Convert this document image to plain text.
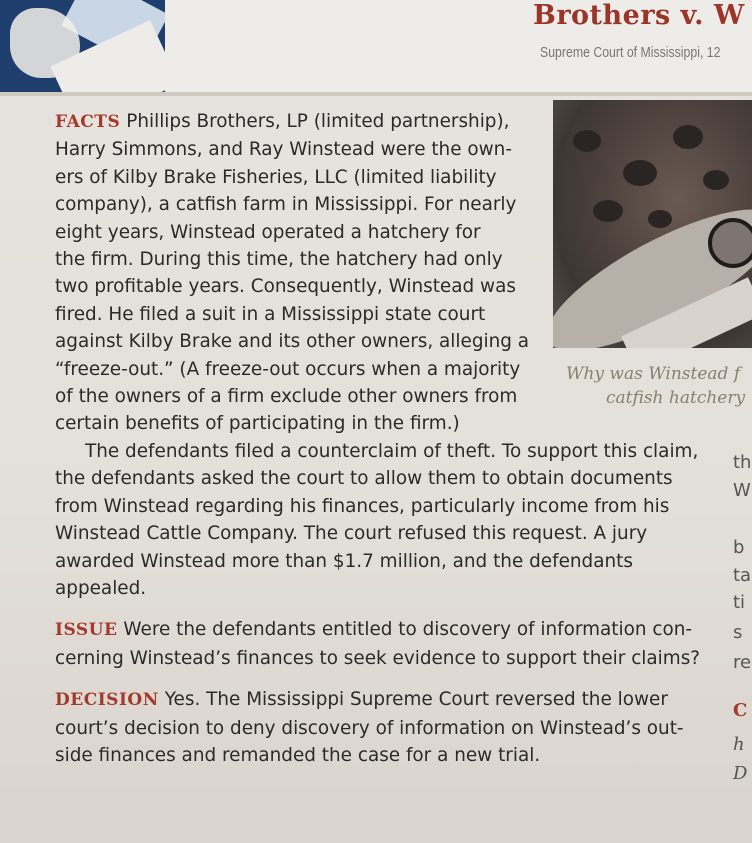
Brothers v. W
Supreme Court of Mississippi, 12
Why was Winstead f
catfish hatchery
FACTS Phillips Brothers, LP (limited partnership),
Harry Simmons, and Ray Winstead were the own-
ers of Kilby Brake Fisheries, LLC (limited liability
company), a catfish farm in Mississippi. For nearly
eight years, Winstead operated a hatchery for
the firm. During this time, the hatchery had only
two profitable years. Consequently, Winstead was
fired. He filed a suit in a Mississippi state court
against Kilby Brake and its other owners, alleging a
“freeze-out.” (A freeze-out occurs when a majority
of the owners of a firm exclude other owners from
certain benefits of participating in the firm.)
The defendants filed a counterclaim of theft. To support this claim,
the defendants asked the court to allow them to obtain documents
from Winstead regarding his finances, particularly income from his
Winstead Cattle Company. The court refused this request. A jury
awarded Winstead more than $1.7 million, and the defendants
appealed.
ISSUE Were the defendants entitled to discovery of information con-
cerning Winstead’s finances to seek evidence to support their claims?
DECISION Yes. The Mississippi Supreme Court reversed the lower
court’s decision to deny discovery of information on Winstead’s out-
side finances and remanded the case for a new trial.
th
W
b
ta
ti
s
re
C
h
D
